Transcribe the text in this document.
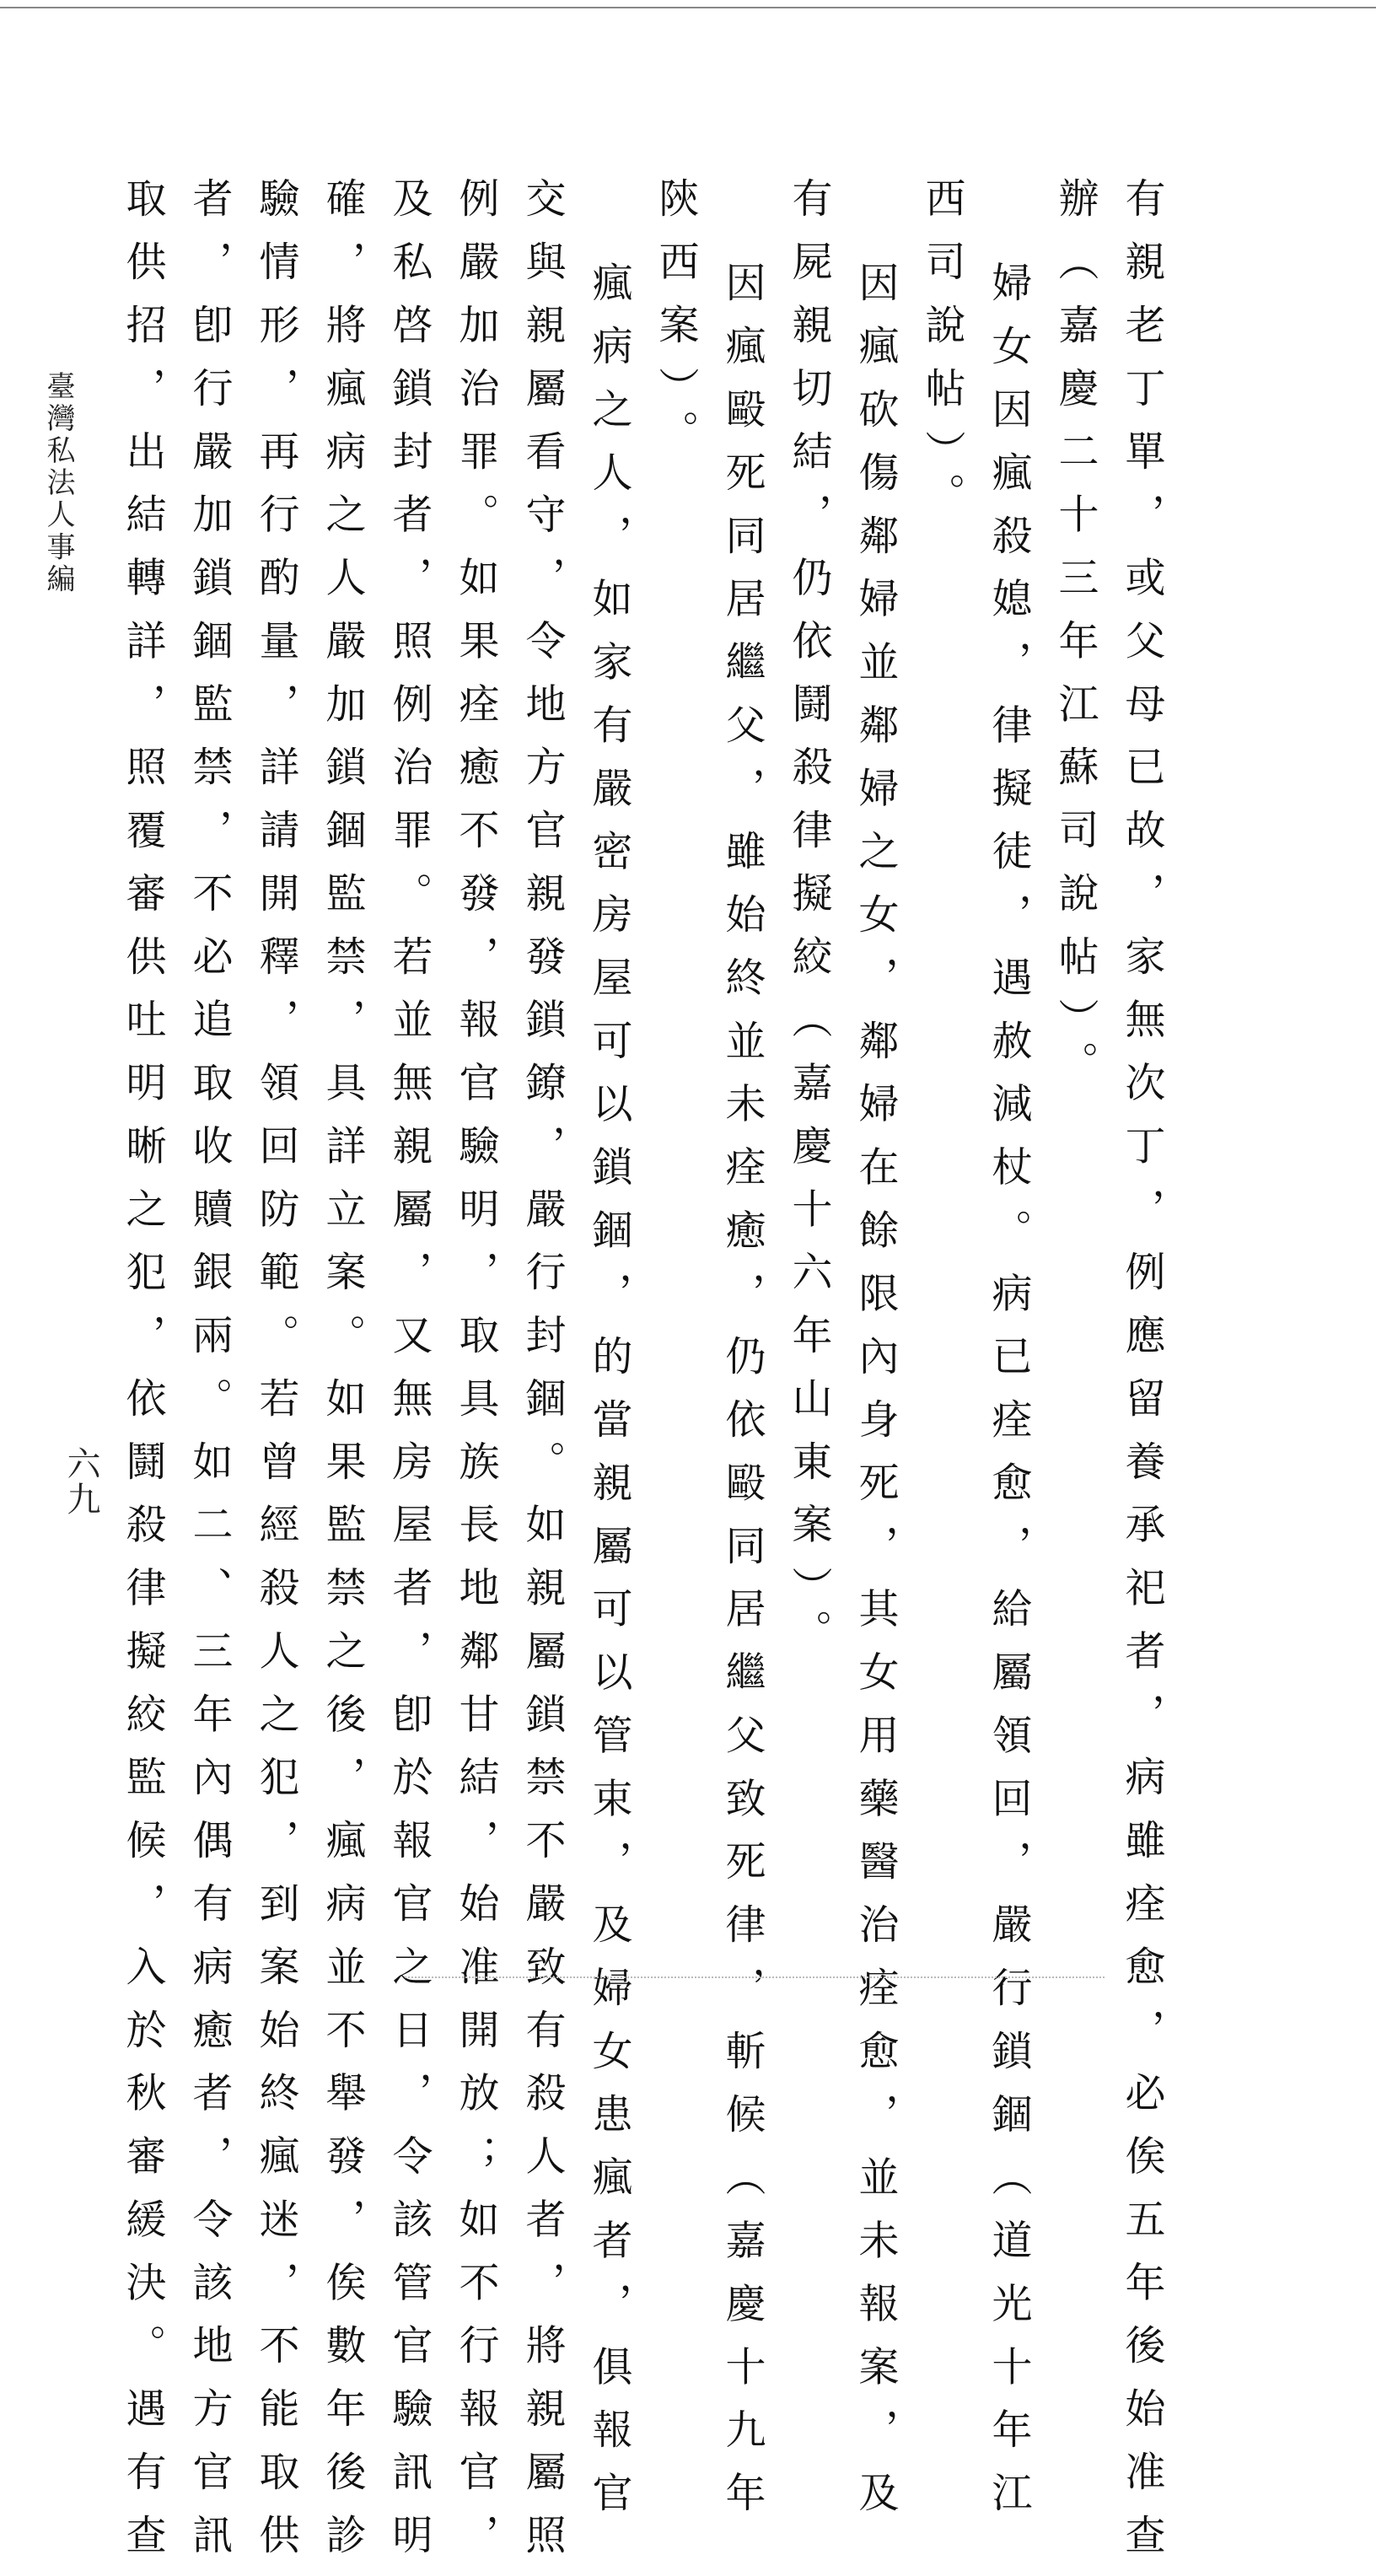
有親老丁單，或父母已故，家無次丁，例應留養承祀者，病雖痊愈，必俟五年後始准查
辦（嘉慶二十三年江蘇司說帖）。
婦女因瘋殺媳，律擬徒，遇赦減杖。病已痊愈，給屬領回，嚴行鎖錮（道光十年江
西司說帖）。
因瘋砍傷鄰婦並鄰婦之女，鄰婦在餘限內身死，其女用藥醫治痊愈，並未報案，及
有屍親切結，仍依鬪殺律擬絞（嘉慶十六年山東案）。
因瘋毆死同居繼父，雖始終並未痊癒，仍依毆同居繼父致死律，斬候（嘉慶十九年
陝西案）。
瘋病之人，如家有嚴密房屋可以鎖錮，的當親屬可以管束，及婦女患瘋者，俱報官
交與親屬看守，令地方官親發鎖鐐，嚴行封錮。如親屬鎖禁不嚴致有殺人者，將親屬照
例嚴加治罪。如果痊癒不發，報官驗明，取具族長地鄰甘結，始准開放；如不行報官，
及私啓鎖封者，照例治罪。若並無親屬，又無房屋者，卽於報官之日，令該管官驗訊明
確，將瘋病之人嚴加鎖錮監禁，具詳立案。如果監禁之後，瘋病並不舉發，俟數年後診
驗情形，再行酌量，詳請開釋，領回防範。若曾經殺人之犯，到案始終瘋迷，不能取供
者，卽行嚴加鎖錮監禁，不必追取收贖銀兩。如二、三年內偶有病癒者，令該地方官訊
取供招，出結轉詳，照覆審供吐明晰之犯，依鬪殺律擬絞監候，入於秋審緩決。遇有查
臺灣私法人事編
六九
